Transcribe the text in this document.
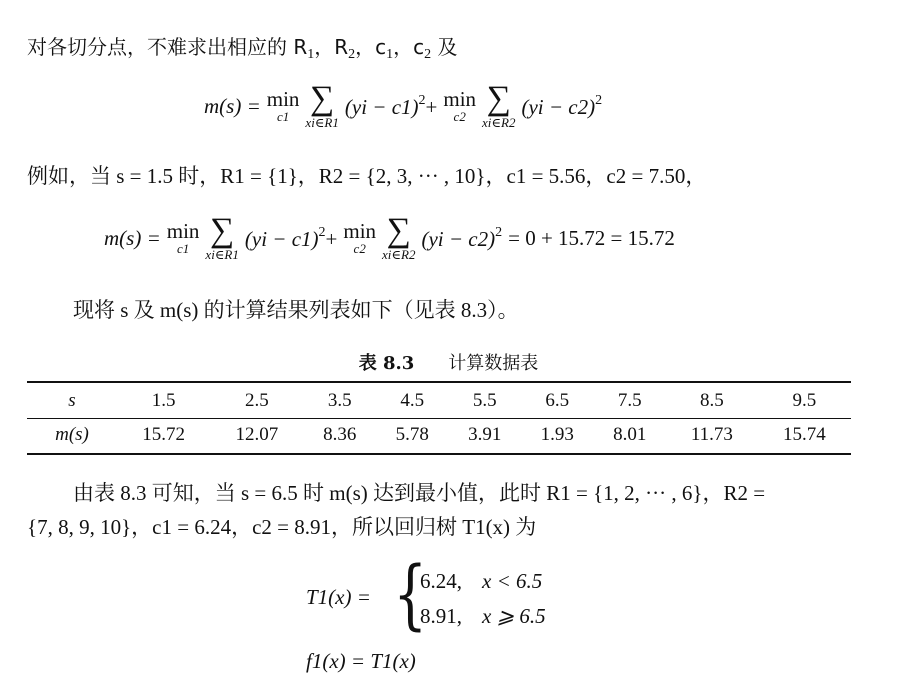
对各切分点，不难求出相应的 $R_1$，$R_2$，$c_1$，$c_2$ 及
m(s) = min
c1 ∑
xi∈R1
(yi − c1)$^2$+ min
c2 ∑
xi∈R2
(yi − c2)$^2$
例如，当 s = 1.5 时，R1 = {1}，R2 = {2, 3, ··· , 10}，c1 = 5.56，c2 = 7.50，
m(s) = min
c1 ∑
xi∈R1
(yi − c1)$^2$+ min
c2 ∑
xi∈R2
(yi − c2)$^2$ = 0 + 15.72 = 15.72
现将 s 及 m(s) 的计算结果列表如下（见表 8.3）。
表 8.3 计算数据表
s	1.5	2.5	3.5	4.5	5.5	6.5	7.5	8.5	9.5
m(s)	15.72	12.07	8.36	5.78	3.91	1.93	8.01	11.73	15.74
由表 8.3 可知，当 s = 6.5 时 m(s) 达到最小值，此时 R1 = {1, 2, ··· , 6}，R2 =
{7, 8, 9, 10}，c1 = 6.24，c2 = 8.91，所以回归树 T1(x) 为
T1(x) = {
6.24, x < 6.5
8.91, x ⩾ 6.5
f1(x) = T1(x)
